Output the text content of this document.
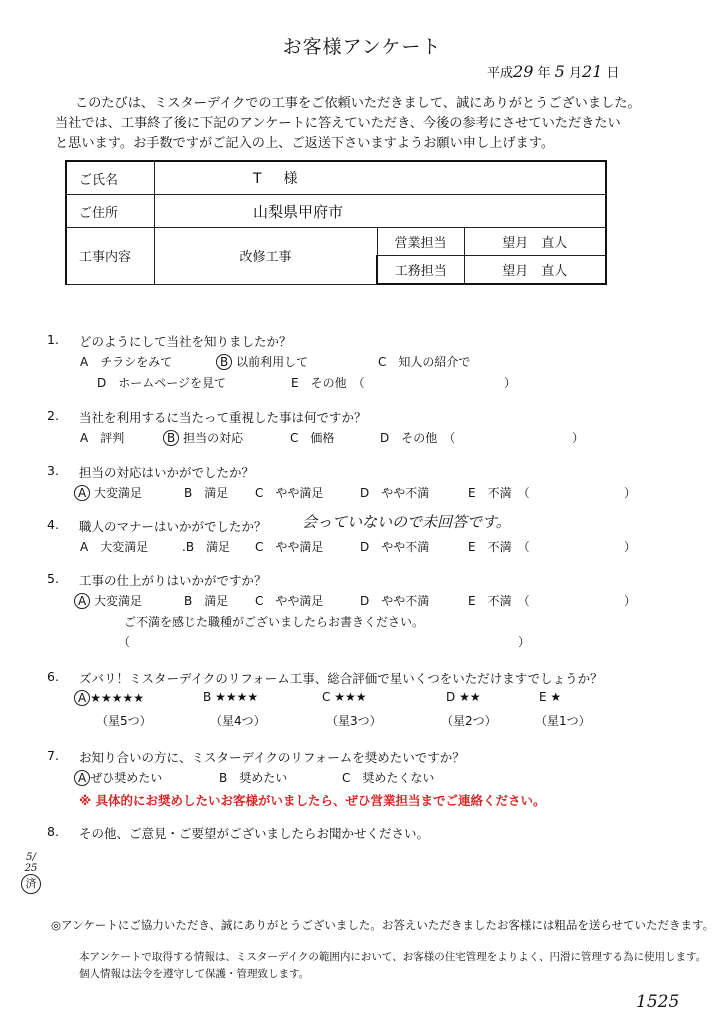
お客様アンケート
平成29 年 5 月21 日
このたびは、ミスターデイクでの工事をご依頼いただきまして、誠にありがとうございました。
当社では、工事終了後に下記のアンケートに答えていただき、今後の参考にさせていただきたい
と思います。お手数ですがご記入の上、ご返送下さいますようお願い申し上げます。
ご氏名	T　様		
ご住所	山梨県甲府市		
工事内容	改修工事	営業担当	望月　直人
		工務担当	望月　直人
1. どのようにして当社を知りましたか？
A　チラシをみて	B 以前利用して	C　知人の紹介で
D　ホームページを見て	E　その他　（	）
2. 当社を利用するに当たって重視した事は何ですか？
A　評判	B 担当の対応	C　価格	D　その他　（	）
3. 担当の対応はいかがでしたか？
A 大変満足	B　満足 C　やや満足	D　やや不満	E　不満　（	）
4. 職人のマナーはいかがでしたか？ 会っていないので未回答です。
A　大変満足	.B　満足 C　やや満足	D　やや不満	E　不満　（	）
5. 工事の仕上がりはいかがですか？
A 大変満足	B　満足 C　やや満足	D　やや不満	E　不満　（	）
ご不満を感じた職種がございましたらお書きください。
（	）
6. ズバリ！ミスターデイクのリフォーム工事、総合評価で星いくつをいただけますでしょうか？
A ★★★★★
（星5つ）
B ★★★★
（星4つ）
C ★★★
（星3つ）
D ★★
（星2つ）
E ★
（星1つ）
7. お知り合いの方に、ミスターデイクのリフォームを奨めたいですか？
A ぜひ奨めたい	B　奨めたい	C　奨めたくない
※ 具体的にお奨めしたいお客様がいましたら、ぜひ営業担当までご連絡ください。
8. その他、ご意見・ご要望がございましたらお聞かせください。
5/
25
済
◎アンケートにご協力いただき、誠にありがとうございました。お答えいただきましたお客様には粗品を送らせていただきます。
本アンケートで取得する情報は、ミスターデイクの範囲内において、お客様の住宅管理をよりよく、円滑に管理する為に使用します。
個人情報は法令を遵守して保護・管理致します。
1525
